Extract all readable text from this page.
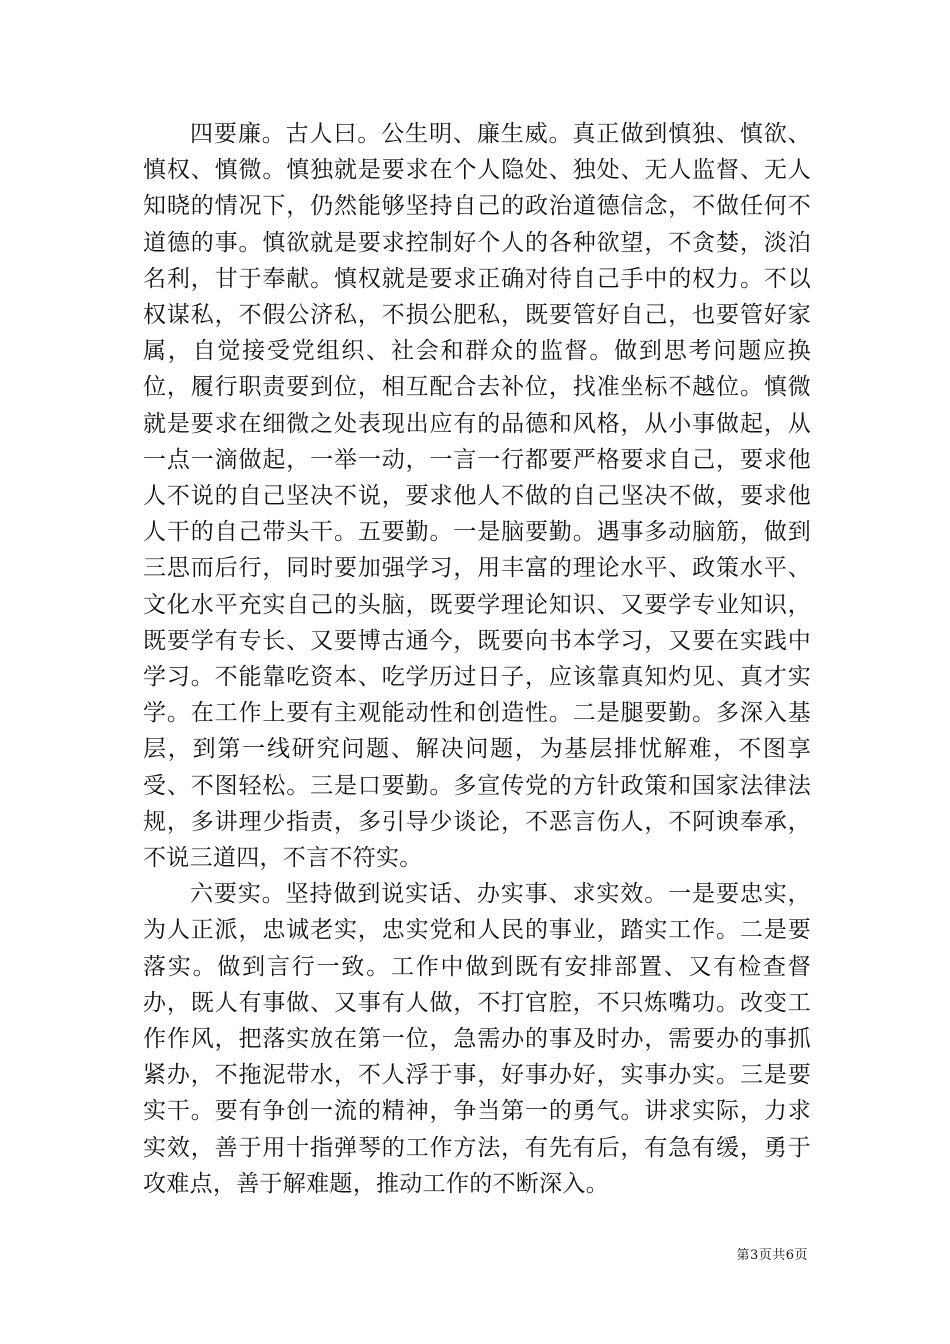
四要廉。古人曰。公生明、廉生威。真正做到慎独、慎欲、慎权、慎微。慎独就是要求在个人隐处、独处、无人监督、无人知晓的情况下，仍然能够坚持自己的政治道德信念，不做任何不道德的事。慎欲就是要求控制好个人的各种欲望，不贪婪，淡泊名利，甘于奉献。慎权就是要求正确对待自己手中的权力。不以权谋私，不假公济私，不损公肥私，既要管好自己，也要管好家属，自觉接受党组织、社会和群众的监督。做到思考问题应换位，履行职责要到位，相互配合去补位，找准坐标不越位。慎微就是要求在细微之处表现出应有的品德和风格，从小事做起，从一点一滴做起，一举一动，一言一行都要严格要求自己，要求他人不说的自己坚决不说，要求他人不做的自己坚决不做，要求他人干的自己带头干。五要勤。一是脑要勤。遇事多动脑筋，做到三思而后行，同时要加强学习，用丰富的理论水平、政策水平、文化水平充实自己的头脑，既要学理论知识、又要学专业知识，既要学有专长、又要博古通今，既要向书本学习，又要在实践中学习。不能靠吃资本、吃学历过日子，应该靠真知灼见、真才实学。在工作上要有主观能动性和创造性。二是腿要勤。多深入基层，到第一线研究问题、解决问题，为基层排忧解难，不图享受、不图轻松。三是口要勤。多宣传党的方针政策和国家法律法规，多讲理少指责，多引导少谈论，不恶言伤人，不阿谀奉承，不说三道四，不言不符实。

六要实。坚持做到说实话、办实事、求实效。一是要忠实，为人正派，忠诚老实，忠实党和人民的事业，踏实工作。二是要落实。做到言行一致。工作中做到既有安排部置、又有检查督办，既人有事做、又事有人做，不打官腔，不只炼嘴功。改变工作作风，把落实放在第一位，急需办的事及时办，需要办的事抓紧办，不拖泥带水，不人浮于事，好事办好，实事办实。三是要实干。要有争创一流的精神，争当第一的勇气。讲求实际，力求实效，善于用十指弹琴的工作方法，有先有后，有急有缓，勇于攻难点，善于解难题，推动工作的不断深入。

第3页共6页
